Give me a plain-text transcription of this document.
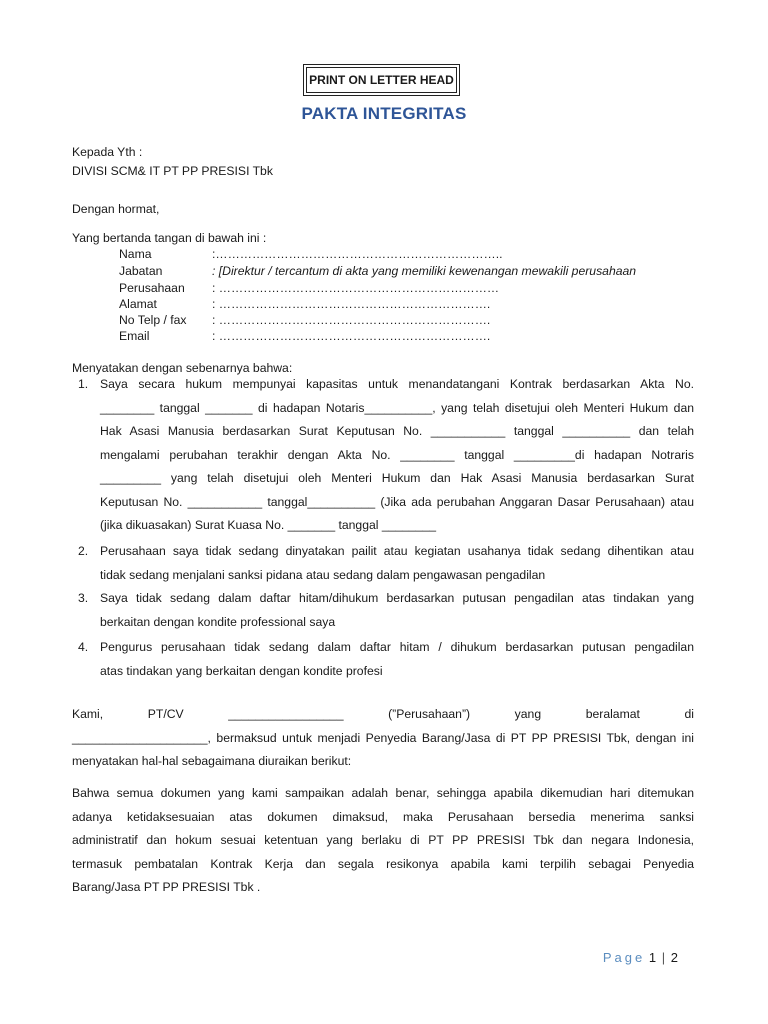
PRINT ON LETTER HEAD
PAKTA INTEGRITAS
Kepada Yth :
DIVISI SCM& IT PT PP PRESISI Tbk
Dengan hormat,
Yang bertanda tangan di bawah ini :
Nama	:……………………………………………………………..
Jabatan	: [Direktur / tercantum di akta yang memiliki kewenangan mewakili perusahaan
Perusahaan : ……………………………………………………………
Alamat	: ………………………………………………………….
No Telp / fax : ………………………………………………………….
Email	: ………………………………………………………….
Menyatakan dengan sebenarnya bahwa:
1. Saya secara hukum mempunyai kapasitas untuk menandatangani Kontrak berdasarkan Akta No.
________ tanggal _______ di hadapan Notaris__________, yang telah disetujui oleh Menteri Hukum dan
Hak Asasi Manusia berdasarkan Surat Keputusan No. ___________ tanggal __________ dan telah
mengalami perubahan terakhir dengan Akta No. ________ tanggal _________di hadapan Notraris
_________ yang telah disetujui oleh Menteri Hukum dan Hak Asasi Manusia berdasarkan Surat
Keputusan No. ___________ tanggal__________ (Jika ada perubahan Anggaran Dasar Perusahaan) atau
(jika dikuasakan) Surat Kuasa No. _______ tanggal ________
2. Perusahaan saya tidak sedang dinyatakan pailit atau kegiatan usahanya tidak sedang dihentikan atau
tidak sedang menjalani sanksi pidana atau sedang dalam pengawasan pengadilan
3. Saya tidak sedang dalam daftar hitam/dihukum berdasarkan putusan pengadilan atas tindakan yang
berkaitan dengan kondite professional saya
4. Pengurus perusahaan tidak sedang dalam daftar hitam / dihukum berdasarkan putusan pengadilan
atas tindakan yang berkaitan dengan kondite profesi
Kami, PT/CV _________________ (”Perusahaan”) yang beralamat di
____________________, bermaksud untuk menjadi Penyedia Barang/Jasa di PT PP PRESISI Tbk, dengan ini
menyatakan hal-hal sebagaimana diuraikan berikut:
Bahwa semua dokumen yang kami sampaikan adalah benar, sehingga apabila dikemudian hari ditemukan
adanya ketidaksesuaian atas dokumen dimaksud, maka Perusahaan bersedia menerima sanksi
administratif dan hokum sesuai ketentuan yang berlaku di PT PP PRESISI Tbk dan negara Indonesia,
termasuk pembatalan Kontrak Kerja dan segala resikonya apabila kami terpilih sebagai Penyedia
Barang/Jasa PT PP PRESISI Tbk .
Page 1 | 2
